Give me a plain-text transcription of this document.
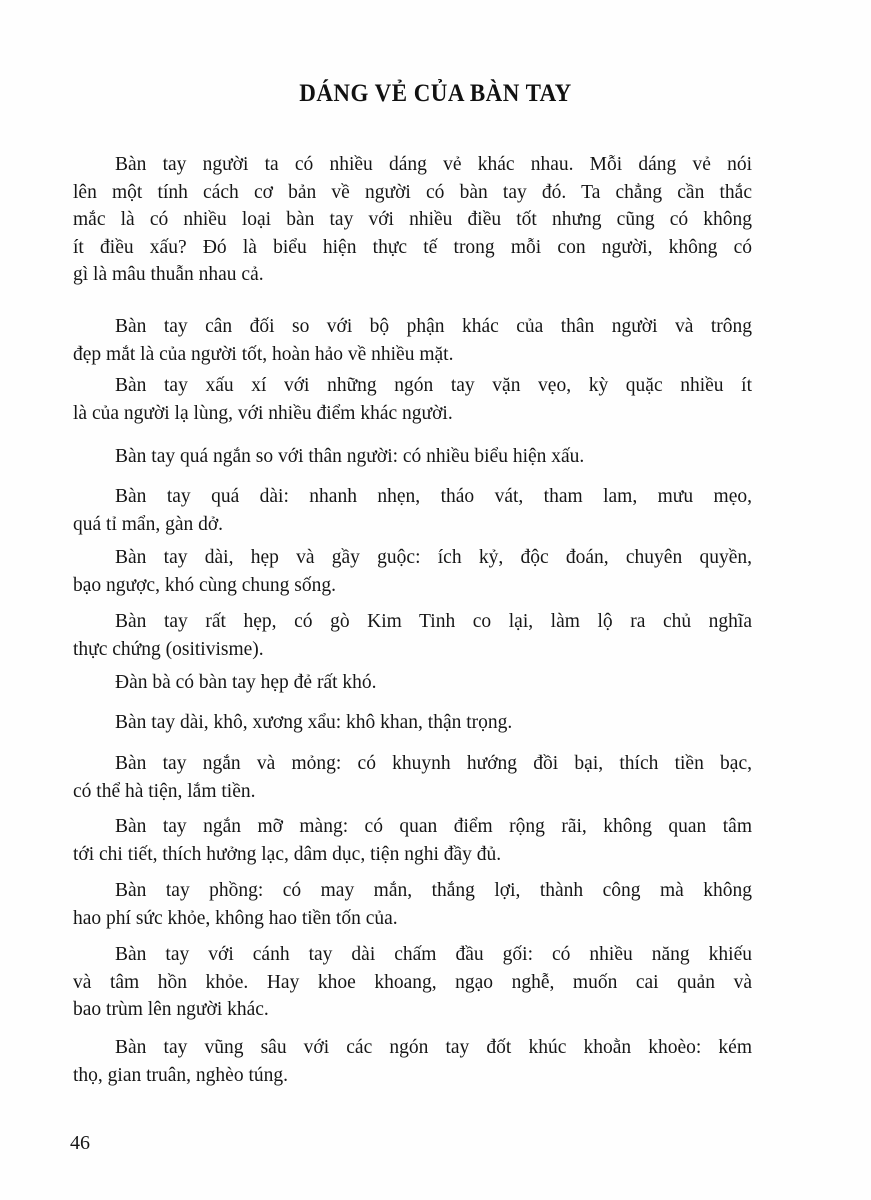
DÁNG VẺ CỦA BÀN TAY
Bàn tay người ta có nhiều dáng vẻ khác nhau. Mỗi dáng vẻ nói
lên một tính cách cơ bản về người có bàn tay đó. Ta chẳng cần thắc
mắc là có nhiều loại bàn tay với nhiều điều tốt nhưng cũng có không
ít điều xấu? Đó là biểu hiện thực tế trong mỗi con người, không có
gì là mâu thuẫn nhau cả.
Bàn tay cân đối so với bộ phận khác của thân người và trông
đẹp mắt là của người tốt, hoàn hảo về nhiều mặt.
Bàn tay xấu xí với những ngón tay vặn vẹo, kỳ quặc nhiều ít
là của người lạ lùng, với nhiều điểm khác người.
Bàn tay quá ngắn so với thân người: có nhiều biểu hiện xấu.
Bàn tay quá dài: nhanh nhẹn, tháo vát, tham lam, mưu mẹo,
quá tỉ mẩn, gàn dở.
Bàn tay dài, hẹp và gầy guộc: ích kỷ, độc đoán, chuyên quyền,
bạo ngược, khó cùng chung sống.
Bàn tay rất hẹp, có gò Kim Tinh co lại, làm lộ ra chủ nghĩa
thực chứng (ositivisme).
Đàn bà có bàn tay hẹp đẻ rất khó.
Bàn tay dài, khô, xương xẩu: khô khan, thận trọng.
Bàn tay ngắn và mỏng: có khuynh hướng đồi bại, thích tiền bạc,
có thể hà tiện, lắm tiền.
Bàn tay ngắn mỡ màng: có quan điểm rộng rãi, không quan tâm
tới chi tiết, thích hưởng lạc, dâm dục, tiện nghi đầy đủ.
Bàn tay phồng: có may mắn, thắng lợi, thành công mà không
hao phí sức khỏe, không hao tiền tốn của.
Bàn tay với cánh tay dài chấm đầu gối: có nhiều năng khiếu
và tâm hồn khỏe. Hay khoe khoang, ngạo nghễ, muốn cai quản và
bao trùm lên người khác.
Bàn tay vũng sâu với các ngón tay đốt khúc khoằn khoèo: kém
thọ, gian truân, nghèo túng.
46
